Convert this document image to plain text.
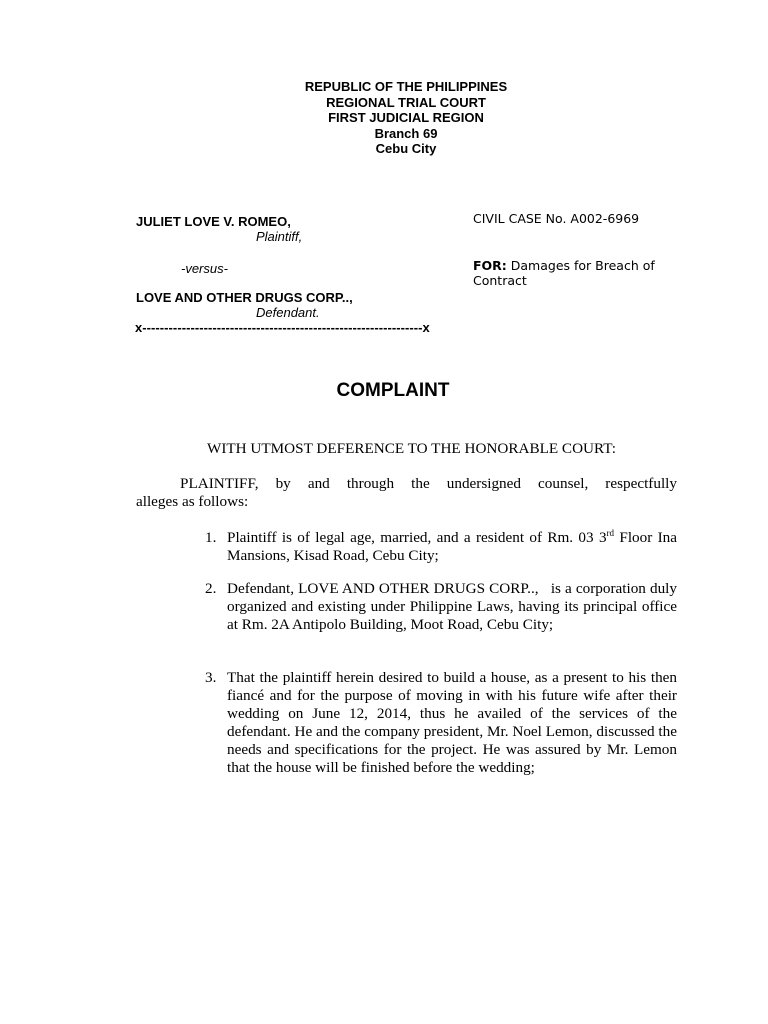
REPUBLIC OF THE PHILIPPINES
REGIONAL TRIAL COURT
FIRST JUDICIAL REGION
Branch 69
Cebu City
JULIET LOVE V. ROMEO,
Plaintiff,
-versus-
LOVE AND OTHER DRUGS CORP..,
Defendant.
x----------------------------------------------------------------x
CIVIL CASE No. A002-6969
FOR: Damages for Breach of
Contract
COMPLAINT
WITH UTMOST DEFERENCE TO THE HONORABLE COURT:
PLAINTIFF, by and through the undersigned counsel, respectfully
alleges as follows:
1. Plaintiff is of legal age, married, and a resident of Rm. 03 3rd Floor Ina Mansions, Kisad Road, Cebu City;
2. Defendant, LOVE AND OTHER DRUGS CORP..,   is a corporation duly organized and existing under Philippine Laws, having its principal office at Rm. 2A Antipolo Building, Moot Road, Cebu City;
3. That the plaintiff herein desired to build a house, as a present to his then fiancé and for the purpose of moving in with his future wife after their wedding on June 12, 2014, thus he availed of the services of the defendant. He and the company president, Mr. Noel Lemon, discussed the needs and specifications for the project. He was assured by Mr. Lemon that the house will be finished before the wedding;
